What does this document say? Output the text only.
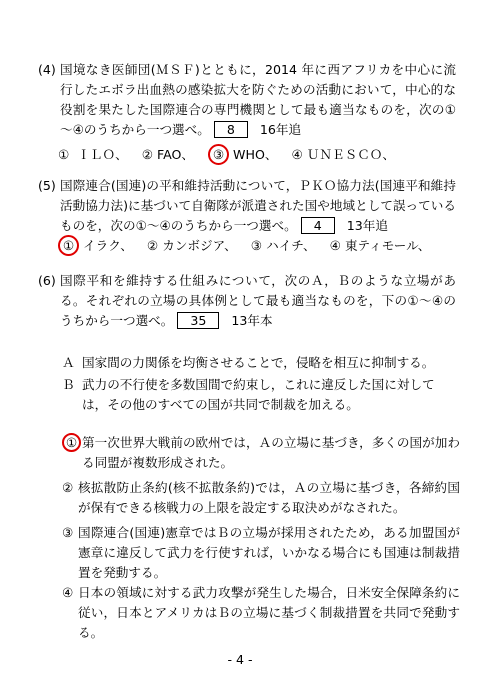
(4) 国境なき医師団(ＭＳＦ)とともに，2014 年に西アフリカを中心に流行したエボラ出血熱の感染拡大を防ぐための活動において，中心的な役割を果たした国際連合の専門機関として最も適当なものを，次の①～④のうちから一つ選べ。 8 16年追
① ＩＬＯ、 ② FAO、 ③ WHO、 ④ ＵＮＥＳＣＯ、
(5) 国際連合(国連)の平和維持活動について，ＰＫＯ協力法(国連平和維持活動協力法)に基づいて自衛隊が派遣された国や地域として誤っているものを，次の①～④のうちから一つ選べ。 4 13年追
① イラク、 ② カンボジア、 ③ ハイチ、 ④ 東ティモール、
(6) 国際平和を維持する仕組みについて，次のＡ，Ｂのような立場がある。それぞれの立場の具体例として最も適当なものを，下の①～④のうちから一つ選べ。 35 13年本
Ａ 国家間の力関係を均衡させることで，侵略を相互に抑制する。
Ｂ 武力の不行使を多数国間で約束し，これに違反した国に対しては，その他のすべての国が共同で制裁を加える。
① 第一次世界大戦前の欧州では，Ａの立場に基づき，多くの国が加わる同盟が複数形成された。
② 核拡散防止条約(核不拡散条約)では，Ａの立場に基づき，各締約国が保有できる核戦力の上限を設定する取決めがなされた。
③ 国際連合(国連)憲章ではＢの立場が採用されたため，ある加盟国が憲章に違反して武力を行使すれば，いかなる場合にも国連は制裁措置を発動する。
④ 日本の領域に対する武力攻撃が発生した場合，日米安全保障条約に従い，日本とアメリカはＢの立場に基づく制裁措置を共同で発動する。
- 4 -
